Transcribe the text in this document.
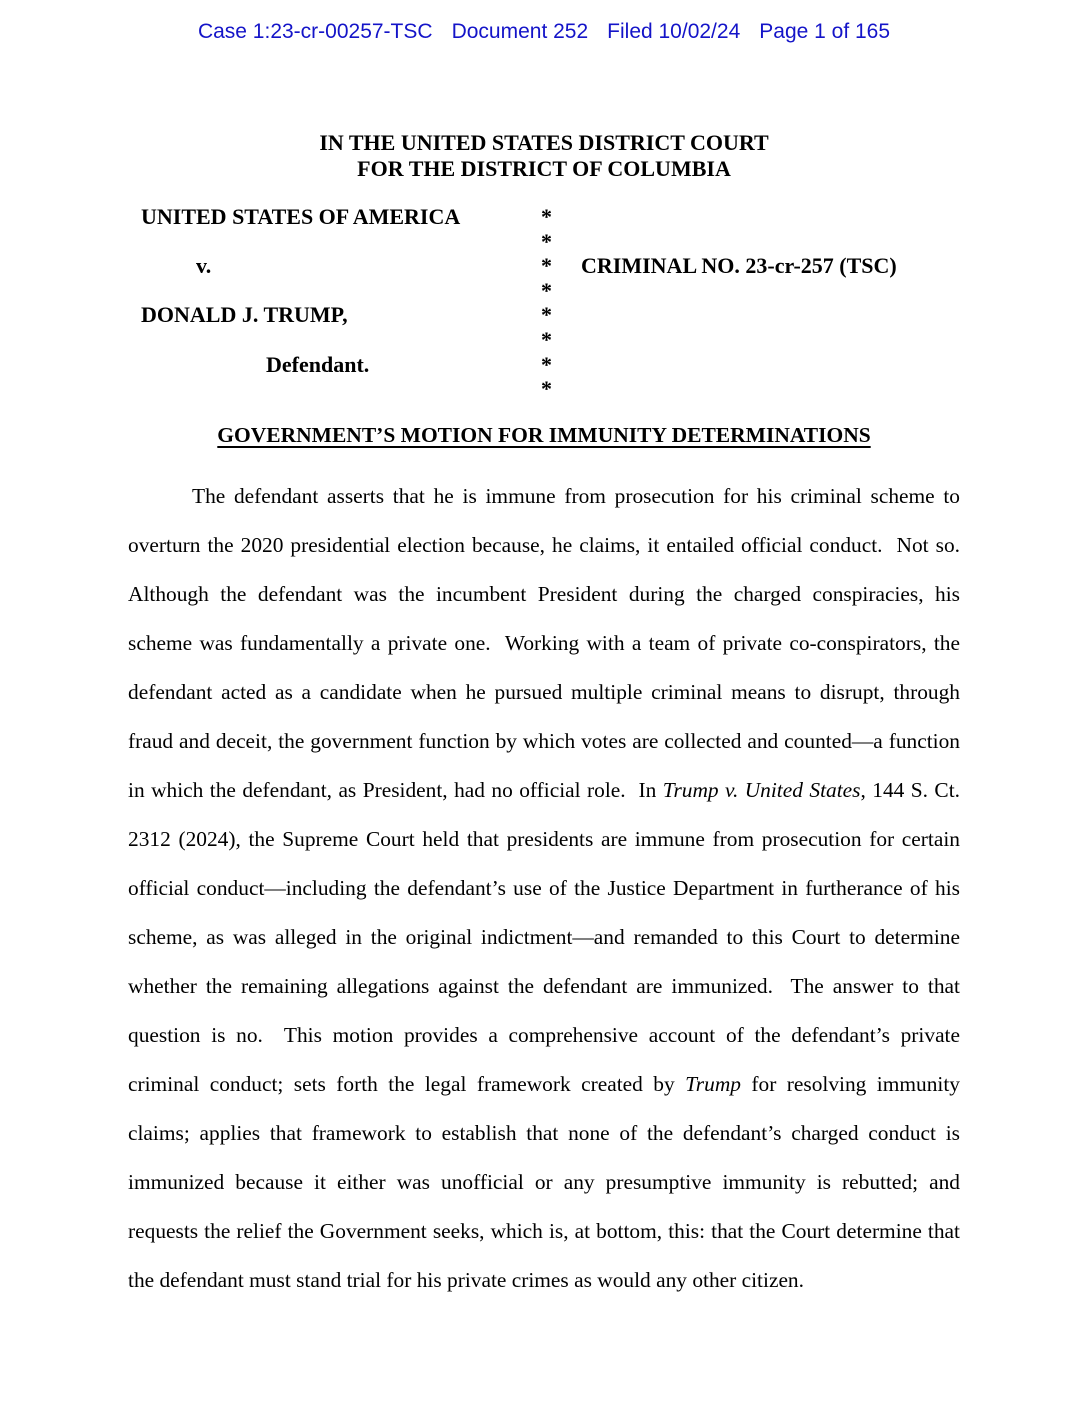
Case 1:23-cr-00257-TSC Document 252 Filed 10/02/24 Page 1 of 165
IN THE UNITED STATES DISTRICT COURT
FOR THE DISTRICT OF COLUMBIA
UNITED STATES OF AMERICA
v.
DONALD J. TRUMP,
Defendant.
*
*
*
*
*
*
*
*
CRIMINAL NO. 23-cr-257 (TSC)
GOVERNMENT’S MOTION FOR IMMUNITY DETERMINATIONS

The defendant asserts that he is immune from prosecution for his criminal scheme to overturn the 2020 presidential election because, he claims, it entailed official conduct.  Not so.  Although the defendant was the incumbent President during the charged conspiracies, his scheme was fundamentally a private one.  Working with a team of private co-conspirators, the defendant acted as a candidate when he pursued multiple criminal means to disrupt, through fraud and deceit, the government function by which votes are collected and counted—a function in which the defendant, as President, had no official role.  In Trump v. United States, 144 S. Ct. 2312 (2024), the Supreme Court held that presidents are immune from prosecution for certain official conduct—including the defendant’s use of the Justice Department in furtherance of his scheme, as was alleged in the original indictment—and remanded to this Court to determine whether the remaining allegations against the defendant are immunized.  The answer to that question is no.  This motion provides a comprehensive account of the defendant’s private criminal conduct; sets forth the legal framework created by Trump for resolving immunity claims; applies that framework to establish that none of the defendant’s charged conduct is immunized because it either was unofficial or any presumptive immunity is rebutted; and requests the relief the Government seeks, which is, at bottom, this: that the Court determine that the defendant must stand trial for his private crimes as would any other citizen.
